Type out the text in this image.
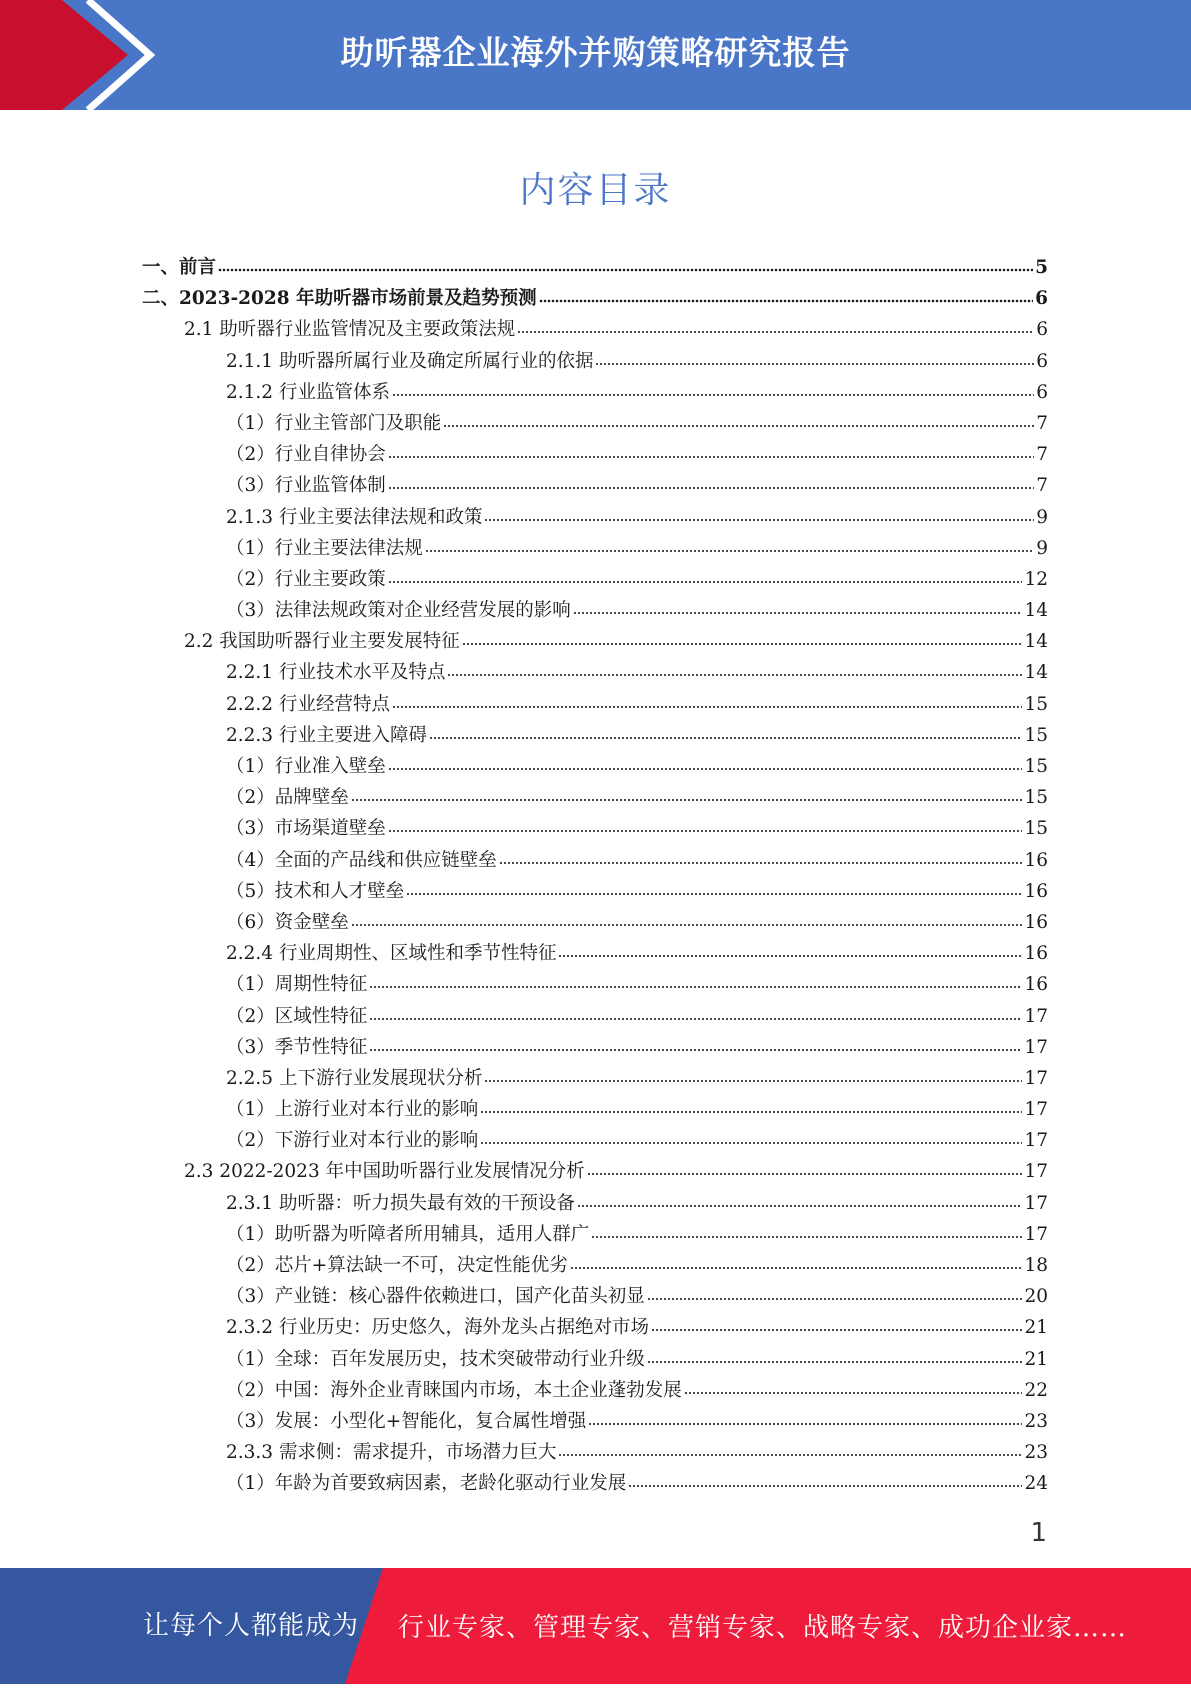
助听器企业海外并购策略研究报告
内容目录
一、前言	5
二、2023-2028 年助听器市场前景及趋势预测	6
2.1 助听器行业监管情况及主要政策法规	6
2.1.1 助听器所属行业及确定所属行业的依据	6
2.1.2 行业监管体系	6
（1）行业主管部门及职能	7
（2）行业自律协会	7
（3）行业监管体制	7
2.1.3 行业主要法律法规和政策	9
（1）行业主要法律法规	9
（2）行业主要政策	12
（3）法律法规政策对企业经营发展的影响	14
2.2 我国助听器行业主要发展特征	14
2.2.1 行业技术水平及特点	14
2.2.2 行业经营特点	15
2.2.3 行业主要进入障碍	15
（1）行业准入壁垒	15
（2）品牌壁垒	15
（3）市场渠道壁垒	15
（4）全面的产品线和供应链壁垒	16
（5）技术和人才壁垒	16
（6）资金壁垒	16
2.2.4 行业周期性、区域性和季节性特征	16
（1）周期性特征	16
（2）区域性特征	17
（3）季节性特征	17
2.2.5 上下游行业发展现状分析	17
（1）上游行业对本行业的影响	17
（2）下游行业对本行业的影响	17
2.3 2022-2023 年中国助听器行业发展情况分析	17
2.3.1 助听器：听力损失最有效的干预设备	17
（1）助听器为听障者所用辅具，适用人群广	17
（2）芯片+算法缺一不可，决定性能优劣	18
（3）产业链：核心器件依赖进口，国产化苗头初显	20
2.3.2 行业历史：历史悠久，海外龙头占据绝对市场	21
（1）全球：百年发展历史，技术突破带动行业升级	21
（2）中国：海外企业青睐国内市场，本土企业蓬勃发展	22
（3）发展：小型化+智能化，复合属性增强	23
2.3.3 需求侧：需求提升，市场潜力巨大	23
（1）年龄为首要致病因素，老龄化驱动行业发展	24
1
让每个人都能成为 行业专家、管理专家、营销专家、战略专家、成功企业家……
